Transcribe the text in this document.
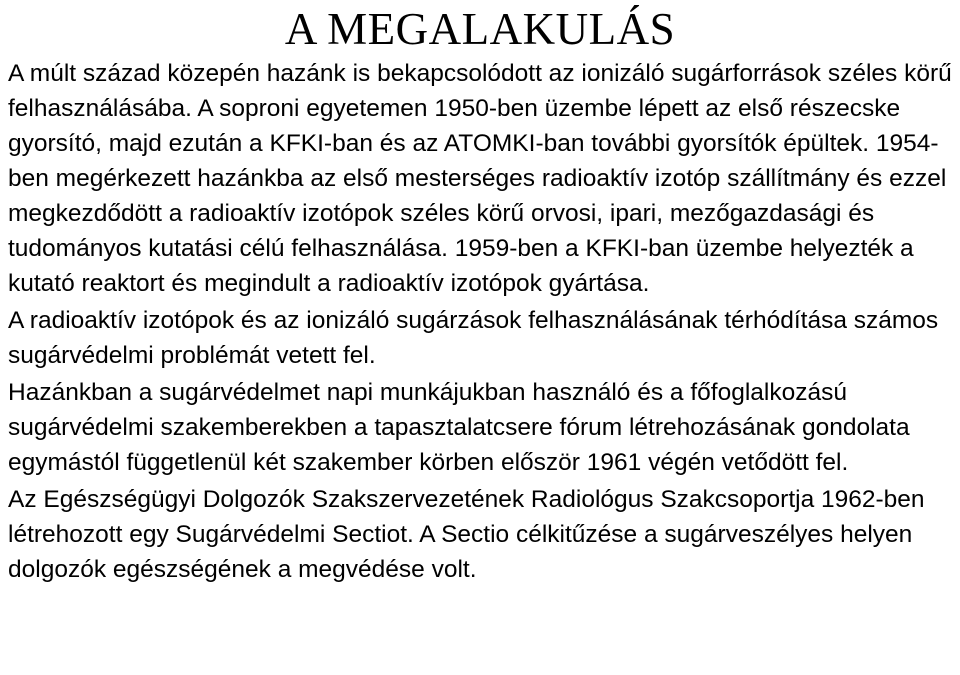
A MEGALAKULÁS

A múlt század közepén hazánk is bekapcsolódott az ionizáló sugárforrások széles körű felhasználásába. A soproni egyetemen 1950-ben üzembe lépett az első részecske gyorsító, majd ezután a KFKI-ban és az ATOMKI-ban további gyorsítók épültek. 1954-ben megérkezett hazánkba az első mesterséges radioaktív izotóp szállítmány és ezzel megkezdődött a radioaktív izotópok széles körű orvosi, ipari, mezőgazdasági és tudományos kutatási célú felhasználása. 1959-ben a KFKI-ban üzembe helyezték a kutató reaktort és megindult a radioaktív izotópok gyártása.

A radioaktív izotópok és az ionizáló sugárzások felhasználásának térhódítása számos sugárvédelmi problémát vetett fel.

Hazánkban a sugárvédelmet napi munkájukban használó és a főfoglalkozású sugárvédelmi szakemberekben a tapasztalatcsere fórum létrehozásának gondolata egymástól függetlenül két szakember körben először 1961 végén vetődött fel.

Az Egészségügyi Dolgozók Szakszervezetének Radiológus Szakcsoportja 1962-ben létrehozott egy Sugárvédelmi Sectiot. A Sectio célkitűzése a sugárveszélyes helyen dolgozók egészségének a megvédése volt.
